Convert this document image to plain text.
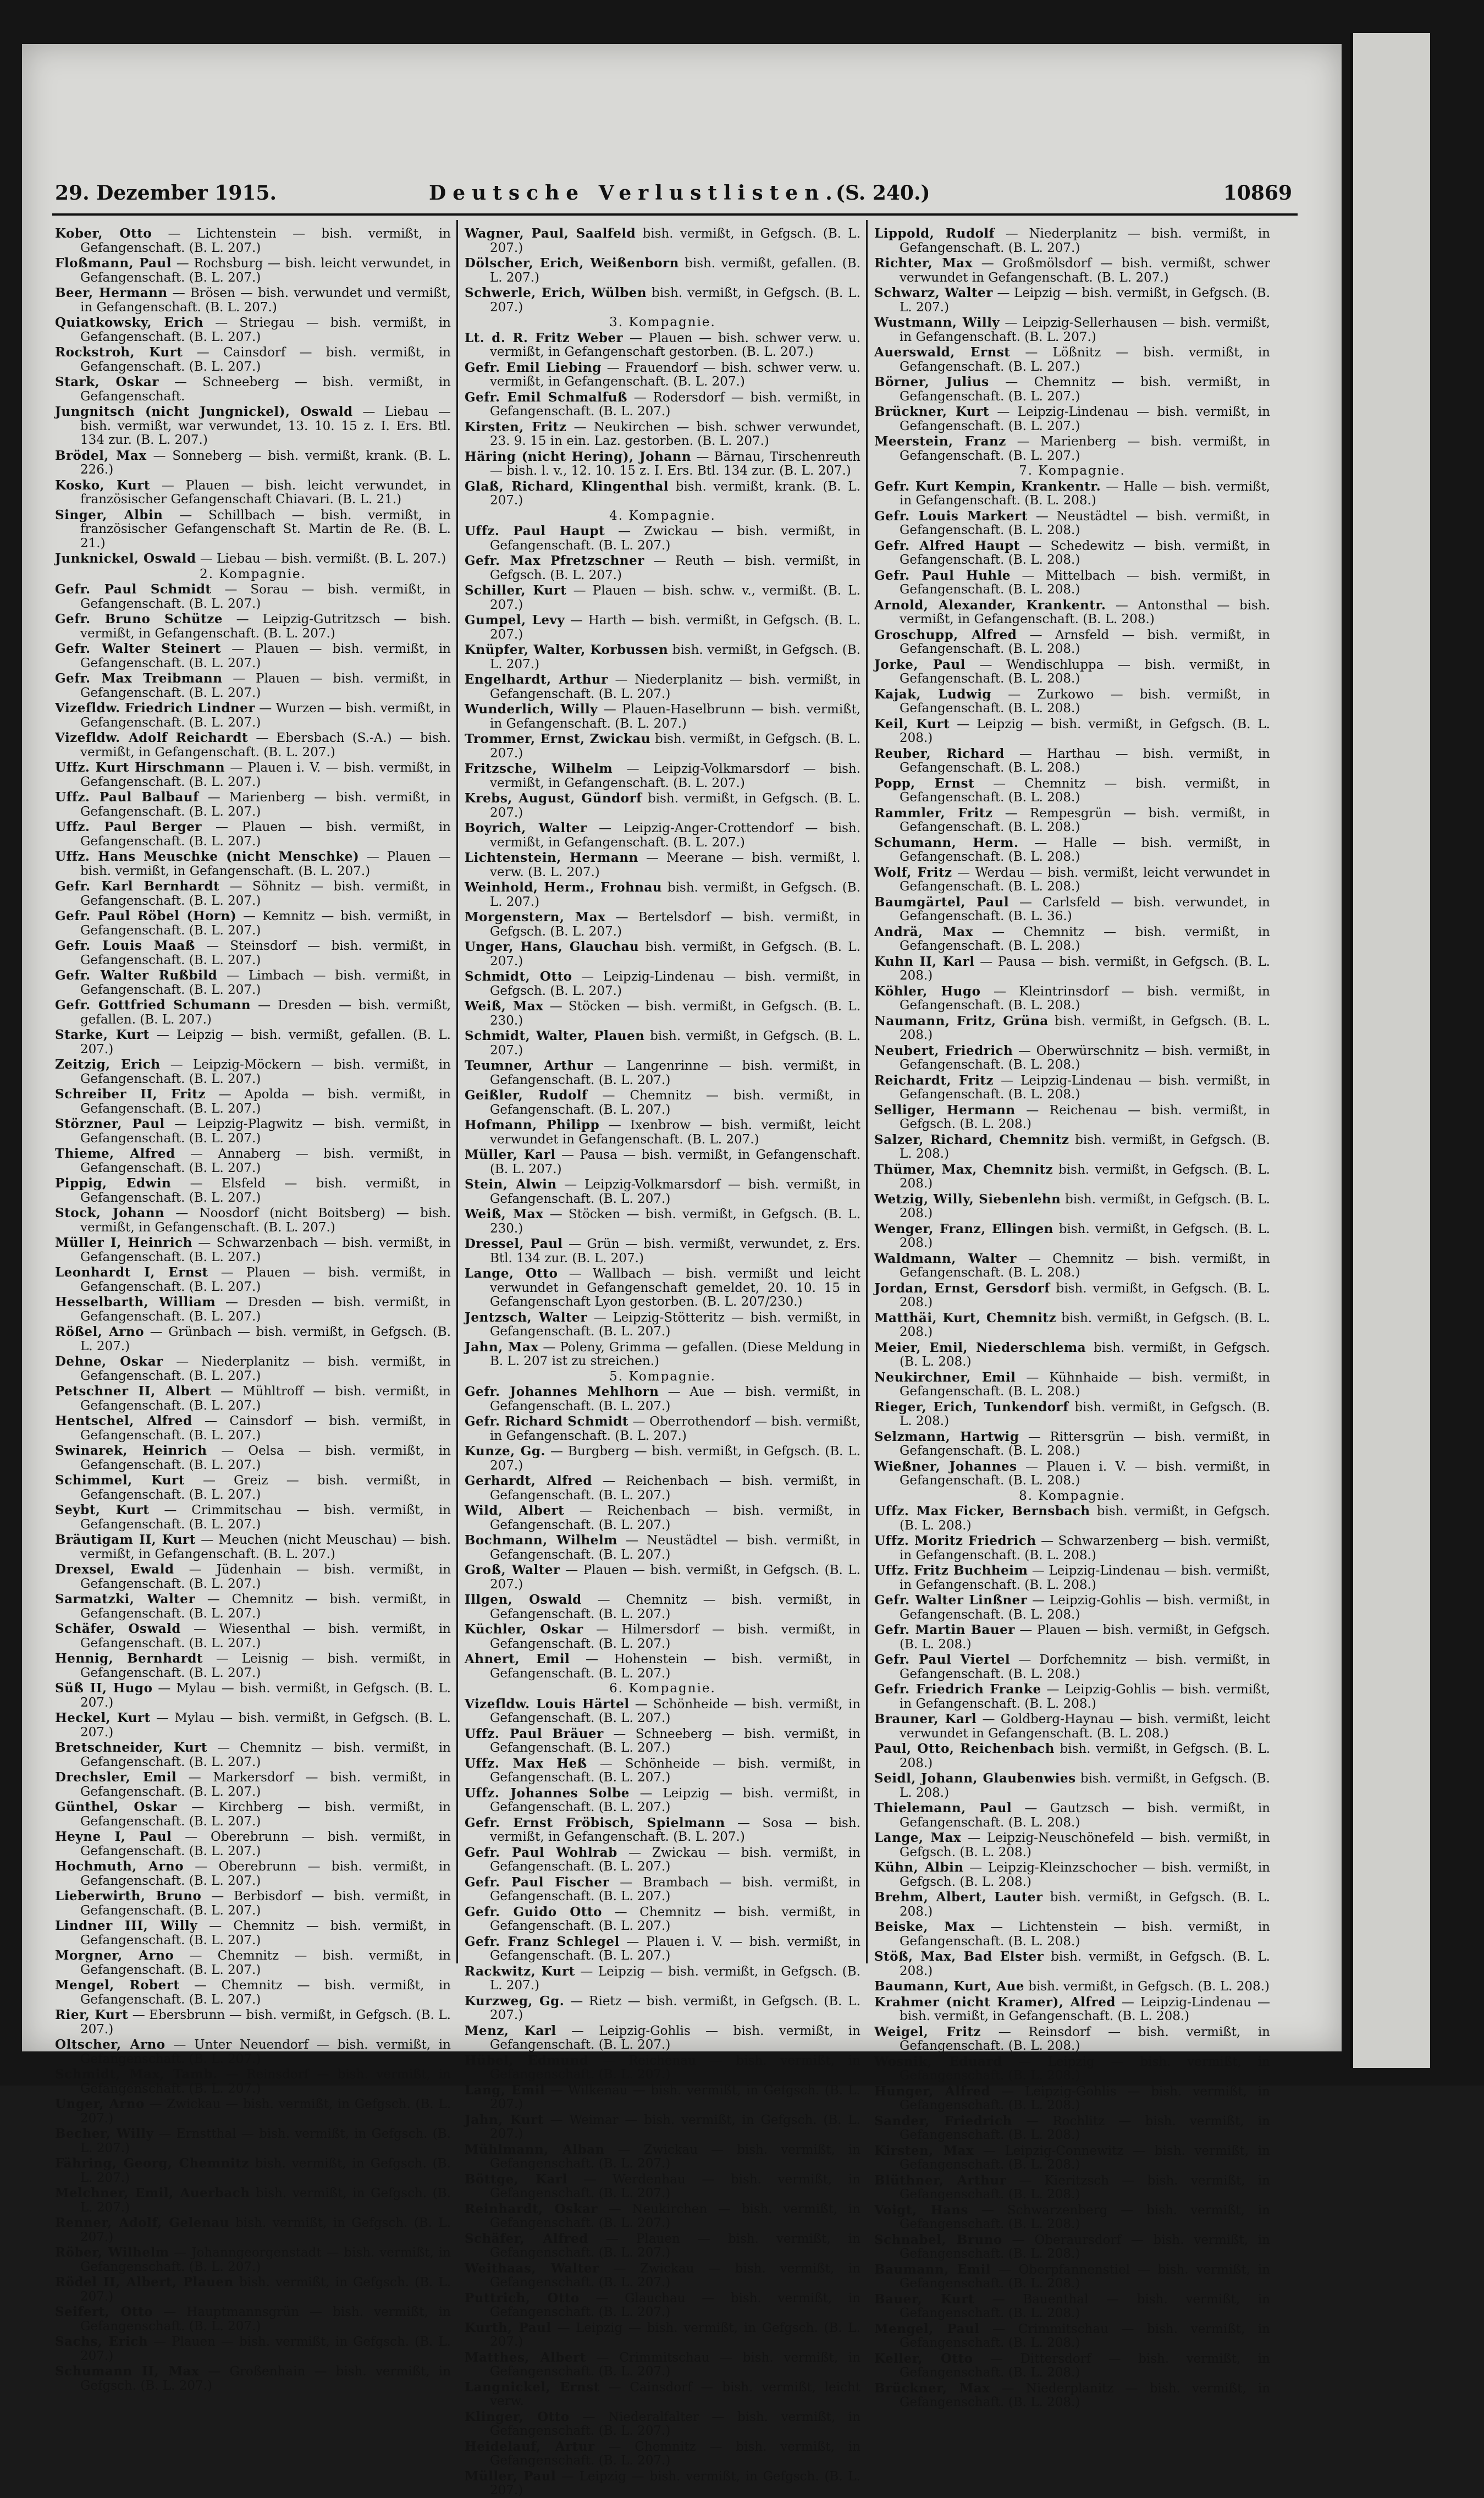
29. Dezember 1915.	Deutsche Verlustlisten.
(S. 240.)	10869
Kober, Otto — Lichtenstein — bish. vermißt, in Gefangenschaft. (B. L. 207.)
Floßmann, Paul — Rochsburg — bish. leicht verwundet, in Gefangenschaft. (B. L. 207.)
Beer, Hermann — Brösen — bish. verwundet und vermißt, in Gefangenschaft. (B. L. 207.)
Quiatkowsky, Erich — Striegau — bish. vermißt, in Gefangenschaft. (B. L. 207.)
Rockstroh, Kurt — Cainsdorf — bish. vermißt, in Gefangenschaft. (B. L. 207.)
Stark, Oskar — Schneeberg — bish. vermißt, in Gefangenschaft.
Jungnitsch (nicht Jungnickel), Oswald — Liebau — bish. vermißt, war verwundet, 13. 10. 15 z. I. Ers. Btl. 134 zur. (B. L. 207.)
Brödel, Max — Sonneberg — bish. vermißt, krank. (B. L. 226.)
Kosko, Kurt — Plauen — bish. leicht verwundet, in französischer Gefangenschaft Chiavari. (B. L. 21.)
Singer, Albin — Schillbach — bish. vermißt, in französischer Gefangenschaft St. Martin de Re. (B. L. 21.)
Junknickel, Oswald — Liebau — bish. vermißt. (B. L. 207.)
2. Kompagnie.
Gefr. Paul Schmidt — Sorau — bish. vermißt, in Gefangenschaft. (B. L. 207.)
Gefr. Bruno Schütze — Leipzig-Gutritzsch — bish. vermißt, in Gefangenschaft. (B. L. 207.)
Gefr. Walter Steinert — Plauen — bish. vermißt, in Gefangenschaft. (B. L. 207.)
Gefr. Max Treibmann — Plauen — bish. vermißt, in Gefangenschaft. (B. L. 207.)
Vizefldw. Friedrich Lindner — Wurzen — bish. vermißt, in Gefangenschaft. (B. L. 207.)
Vizefldw. Adolf Reichardt — Ebersbach (S.-A.) — bish. vermißt, in Gefangenschaft. (B. L. 207.)
Uffz. Kurt Hirschmann — Plauen i. V. — bish. vermißt, in Gefangenschaft. (B. L. 207.)
Uffz. Paul Balbauf — Marienberg — bish. vermißt, in Gefangenschaft. (B. L. 207.)
Uffz. Paul Berger — Plauen — bish. vermißt, in Gefangenschaft. (B. L. 207.)
Uffz. Hans Meuschke (nicht Menschke) — Plauen — bish. vermißt, in Gefangenschaft. (B. L. 207.)
Gefr. Karl Bernhardt — Söhnitz — bish. vermißt, in Gefangenschaft. (B. L. 207.)
Gefr. Paul Röbel (Horn) — Kemnitz — bish. vermißt, in Gefangenschaft. (B. L. 207.)
Gefr. Louis Maaß — Steinsdorf — bish. vermißt, in Gefangenschaft. (B. L. 207.)
Gefr. Walter Rußbild — Limbach — bish. vermißt, in Gefangenschaft. (B. L. 207.)
Gefr. Gottfried Schumann — Dresden — bish. vermißt, gefallen. (B. L. 207.)
Starke, Kurt — Leipzig — bish. vermißt, gefallen. (B. L. 207.)
Zeitzig, Erich — Leipzig-Möckern — bish. vermißt, in Gefangenschaft. (B. L. 207.)
Schreiber II, Fritz — Apolda — bish. vermißt, in Gefangenschaft. (B. L. 207.)
Störzner, Paul — Leipzig-Plagwitz — bish. vermißt, in Gefangenschaft. (B. L. 207.)
Thieme, Alfred — Annaberg — bish. vermißt, in Gefangenschaft. (B. L. 207.)
Pippig, Edwin — Elsfeld — bish. vermißt, in Gefangenschaft. (B. L. 207.)
Stock, Johann — Noosdorf (nicht Boitsberg) — bish. vermißt, in Gefangenschaft. (B. L. 207.)
Müller I, Heinrich — Schwarzenbach — bish. vermißt, in Gefangenschaft. (B. L. 207.)
Leonhardt I, Ernst — Plauen — bish. vermißt, in Gefangenschaft. (B. L. 207.)
Hesselbarth, William — Dresden — bish. vermißt, in Gefangenschaft. (B. L. 207.)
Rößel, Arno — Grünbach — bish. vermißt, in Gefgsch. (B. L. 207.)
Dehne, Oskar — Niederplanitz — bish. vermißt, in Gefangenschaft. (B. L. 207.)
Petschner II, Albert — Mühltroff — bish. vermißt, in Gefangenschaft. (B. L. 207.)
Hentschel, Alfred — Cainsdorf — bish. vermißt, in Gefangenschaft. (B. L. 207.)
Swinarek, Heinrich — Oelsa — bish. vermißt, in Gefangenschaft. (B. L. 207.)
Schimmel, Kurt — Greiz — bish. vermißt, in Gefangenschaft. (B. L. 207.)
Seybt, Kurt — Crimmitschau — bish. vermißt, in Gefangenschaft. (B. L. 207.)
Bräutigam II, Kurt — Meuchen (nicht Meuschau) — bish. vermißt, in Gefangenschaft. (B. L. 207.)
Drexsel, Ewald — Jüdenhain — bish. vermißt, in Gefangenschaft. (B. L. 207.)
Sarmatzki, Walter — Chemnitz — bish. vermißt, in Gefangenschaft. (B. L. 207.)
Schäfer, Oswald — Wiesenthal — bish. vermißt, in Gefangenschaft. (B. L. 207.)
Hennig, Bernhardt — Leisnig — bish. vermißt, in Gefangenschaft. (B. L. 207.)
Süß II, Hugo — Mylau — bish. vermißt, in Gefgsch. (B. L. 207.)
Heckel, Kurt — Mylau — bish. vermißt, in Gefgsch. (B. L. 207.)
Bretschneider, Kurt — Chemnitz — bish. vermißt, in Gefangenschaft. (B. L. 207.)
Drechsler, Emil — Markersdorf — bish. vermißt, in Gefangenschaft. (B. L. 207.)
Günthel, Oskar — Kirchberg — bish. vermißt, in Gefangenschaft. (B. L. 207.)
Heyne I, Paul — Oberebrunn — bish. vermißt, in Gefangenschaft. (B. L. 207.)
Hochmuth, Arno — Oberebrunn — bish. vermißt, in Gefangenschaft. (B. L. 207.)
Lieberwirth, Bruno — Berbisdorf — bish. vermißt, in Gefangenschaft. (B. L. 207.)
Lindner III, Willy — Chemnitz — bish. vermißt, in Gefangenschaft. (B. L. 207.)
Morgner, Arno — Chemnitz — bish. vermißt, in Gefangenschaft. (B. L. 207.)
Mengel, Robert — Chemnitz — bish. vermißt, in Gefangenschaft. (B. L. 207.)
Rier, Kurt — Ebersbrunn — bish. vermißt, in Gefgsch. (B. L. 207.)
Oltscher, Arno — Unter Neuendorf — bish. vermißt, in Gefangenschaft. (B. L. 207.)
Schmidt, Max, Tamb. — Reinsdorf — bish. vermißt, in Gefangenschaft. (B. L. 207.)
Unger, Arno — Zwickau — bish. vermißt, in Gefgsch. (B. L. 207.)
Becher, Willy — Ernstthal — bish. vermißt, in Gefgsch. (B. L. 207.)
Fähring, Georg, Chemnitz bish. vermißt, in Gefgsch. (B. L. 207.)
Melchner, Emil, Auerbach bish. vermißt, in Gefgsch. (B. L. 207.)
Renner, Adolf, Gelenau bish. vermißt, in Gefgsch. (B. L. 207.)
Röber, Wilhelm — Johanngeorgenstadt — bish. vermißt, in Gefangenschaft. (B. L. 207.)
Rödel II, Albert, Plauen bish. vermißt, in Gefgsch. (B. L. 207.)
Seifert, Otto — Hauptmannsgrün — bish. vermißt, in Gefangenschaft. (B. L. 207.)
Sachs, Erich — Plauen — bish. vermißt, in Gefgsch. (B. L. 207.)
Schumann II, Max — Großenhain — bish. vermißt, in Gefgsch. (B. L. 207.)
Wagner, Paul, Saalfeld bish. vermißt, in Gefgsch. (B. L. 207.)
Dölscher, Erich, Weißenborn bish. vermißt, gefallen. (B. L. 207.)
Schwerle, Erich, Wülben bish. vermißt, in Gefgsch. (B. L. 207.)
3. Kompagnie.
Lt. d. R. Fritz Weber — Plauen — bish. schwer verw. u. vermißt, in Gefangenschaft gestorben. (B. L. 207.)
Gefr. Emil Liebing — Frauendorf — bish. schwer verw. u. vermißt, in Gefangenschaft. (B. L. 207.)
Gefr. Emil Schmalfuß — Rodersdorf — bish. vermißt, in Gefangenschaft. (B. L. 207.)
Kirsten, Fritz — Neukirchen — bish. schwer verwundet, 23. 9. 15 in ein. Laz. gestorben. (B. L. 207.)
Häring (nicht Hering), Johann — Bärnau, Tirschenreuth — bish. l. v., 12. 10. 15 z. I. Ers. Btl. 134 zur. (B. L. 207.)
Glaß, Richard, Klingenthal bish. vermißt, krank. (B. L. 207.)
4. Kompagnie.
Uffz. Paul Haupt — Zwickau — bish. vermißt, in Gefangenschaft. (B. L. 207.)
Gefr. Max Pfretzschner — Reuth — bish. vermißt, in Gefgsch. (B. L. 207.)
Schiller, Kurt — Plauen — bish. schw. v., vermißt. (B. L. 207.)
Gumpel, Levy — Harth — bish. vermißt, in Gefgsch. (B. L. 207.)
Knüpfer, Walter, Korbussen bish. vermißt, in Gefgsch. (B. L. 207.)
Engelhardt, Arthur — Niederplanitz — bish. vermißt, in Gefangenschaft. (B. L. 207.)
Wunderlich, Willy — Plauen-Haselbrunn — bish. vermißt, in Gefangenschaft. (B. L. 207.)
Trommer, Ernst, Zwickau bish. vermißt, in Gefgsch. (B. L. 207.)
Fritzsche, Wilhelm — Leipzig-Volkmarsdorf — bish. vermißt, in Gefangenschaft. (B. L. 207.)
Krebs, August, Gündorf bish. vermißt, in Gefgsch. (B. L. 207.)
Boyrich, Walter — Leipzig-Anger-Crottendorf — bish. vermißt, in Gefangenschaft. (B. L. 207.)
Lichtenstein, Hermann — Meerane — bish. vermißt, l. verw. (B. L. 207.)
Weinhold, Herm., Frohnau bish. vermißt, in Gefgsch. (B. L. 207.)
Morgenstern, Max — Bertelsdorf — bish. vermißt, in Gefgsch. (B. L. 207.)
Unger, Hans, Glauchau bish. vermißt, in Gefgsch. (B. L. 207.)
Schmidt, Otto — Leipzig-Lindenau — bish. vermißt, in Gefgsch. (B. L. 207.)
Weiß, Max — Stöcken — bish. vermißt, in Gefgsch. (B. L. 230.)
Schmidt, Walter, Plauen bish. vermißt, in Gefgsch. (B. L. 207.)
Teumner, Arthur — Langenrinne — bish. vermißt, in Gefangenschaft. (B. L. 207.)
Geißler, Rudolf — Chemnitz — bish. vermißt, in Gefangenschaft. (B. L. 207.)
Hofmann, Philipp — Ixenbrow — bish. vermißt, leicht verwundet in Gefangenschaft. (B. L. 207.)
Müller, Karl — Pausa — bish. vermißt, in Gefangenschaft. (B. L. 207.)
Stein, Alwin — Leipzig-Volkmarsdorf — bish. vermißt, in Gefangenschaft. (B. L. 207.)
Weiß, Max — Stöcken — bish. vermißt, in Gefgsch. (B. L. 230.)
Dressel, Paul — Grün — bish. vermißt, verwundet, z. Ers. Btl. 134 zur. (B. L. 207.)
Lange, Otto — Wallbach — bish. vermißt und leicht verwundet in Gefangenschaft gemeldet, 20. 10. 15 in Gefangenschaft Lyon gestorben. (B. L. 207/230.)
Jentzsch, Walter — Leipzig-Stötteritz — bish. vermißt, in Gefangenschaft. (B. L. 207.)
Jahn, Max — Poleny, Grimma — gefallen. (Diese Meldung in B. L. 207 ist zu streichen.)
5. Kompagnie.
Gefr. Johannes Mehlhorn — Aue — bish. vermißt, in Gefangenschaft. (B. L. 207.)
Gefr. Richard Schmidt — Oberrothendorf — bish. vermißt, in Gefangenschaft. (B. L. 207.)
Kunze, Gg. — Burgberg — bish. vermißt, in Gefgsch. (B. L. 207.)
Gerhardt, Alfred — Reichenbach — bish. vermißt, in Gefangenschaft. (B. L. 207.)
Wild, Albert — Reichenbach — bish. vermißt, in Gefangenschaft. (B. L. 207.)
Bochmann, Wilhelm — Neustädtel — bish. vermißt, in Gefangenschaft. (B. L. 207.)
Groß, Walter — Plauen — bish. vermißt, in Gefgsch. (B. L. 207.)
Illgen, Oswald — Chemnitz — bish. vermißt, in Gefangenschaft. (B. L. 207.)
Küchler, Oskar — Hilmersdorf — bish. vermißt, in Gefangenschaft. (B. L. 207.)
Ahnert, Emil — Hohenstein — bish. vermißt, in Gefangenschaft. (B. L. 207.)
6. Kompagnie.
Vizefldw. Louis Härtel — Schönheide — bish. vermißt, in Gefangenschaft. (B. L. 207.)
Uffz. Paul Bräuer — Schneeberg — bish. vermißt, in Gefangenschaft. (B. L. 207.)
Uffz. Max Heß — Schönheide — bish. vermißt, in Gefangenschaft. (B. L. 207.)
Uffz. Johannes Solbe — Leipzig — bish. vermißt, in Gefangenschaft. (B. L. 207.)
Gefr. Ernst Fröbisch, Spielmann — Sosa — bish. vermißt, in Gefangenschaft. (B. L. 207.)
Gefr. Paul Wohlrab — Zwickau — bish. vermißt, in Gefangenschaft. (B. L. 207.)
Gefr. Paul Fischer — Brambach — bish. vermißt, in Gefangenschaft. (B. L. 207.)
Gefr. Guido Otto — Chemnitz — bish. vermißt, in Gefangenschaft. (B. L. 207.)
Gefr. Franz Schlegel — Plauen i. V. — bish. vermißt, in Gefangenschaft. (B. L. 207.)
Rackwitz, Kurt — Leipzig — bish. vermißt, in Gefgsch. (B. L. 207.)
Kurzweg, Gg. — Rietz — bish. vermißt, in Gefgsch. (B. L. 207.)
Menz, Karl — Leipzig-Gohlis — bish. vermißt, in Gefangenschaft. (B. L. 207.)
Hübel, Edmund — Reichenau — bish. vermißt, in Gefangenschaft. (B. L. 207.)
Lang, Emil — Wilkenau — bish. vermißt, in Gefgsch. (B. L. 207.)
Jahn, Kurt — Weimar — bish. vermißt, in Gefgsch. (B. L. 207.)
Mühlmann, Alban — Zwickau — bish. vermißt, in Gefangenschaft. (B. L. 207.)
Böttge, Karl — Werdenhau — bish. vermißt, in Gefangenschaft. (B. L. 207.)
Reinhardt, Oskar — Neukirchen — bish. vermißt, in Gefangenschaft. (B. L. 207.)
Schäfer, Alfred — Plauen — bish. vermißt, in Gefangenschaft. (B. L. 207.)
Weithaas, Walter — Zwickau — bish. vermißt, in Gefangenschaft. (B. L. 207.)
Puttrich, Otto — Glauchau — bish. vermißt, in Gefangenschaft. (B. L. 207.)
Kurth, Paul — Leipzig — bish. vermißt, in Gefgsch. (B. L. 207.)
Matthes, Albert — Crimmitschau — bish. vermißt, in Gefangenschaft. (B. L. 207.)
Langnickel, Ernst — Cainsdorf — bish. vermißt, leicht verw.
Klinger, Otto — Niederalfalter — bish. vermißt, in Gefangenschaft. (B. L. 207.)
Heidelauf, Artur — Chemnitz — bish. vermißt, in Gefangenschaft. (B. L. 207.)
Müller, Paul — Leipzig — bish. vermißt, in Gefgsch. (B. L. 207.)
Lippold, Rudolf — Niederplanitz — bish. vermißt, in Gefangenschaft. (B. L. 207.)
Richter, Max — Großmölsdorf — bish. vermißt, schwer verwundet in Gefangenschaft. (B. L. 207.)
Schwarz, Walter — Leipzig — bish. vermißt, in Gefgsch. (B. L. 207.)
Wustmann, Willy — Leipzig-Sellerhausen — bish. vermißt, in Gefangenschaft. (B. L. 207.)
Auerswald, Ernst — Lößnitz — bish. vermißt, in Gefangenschaft. (B. L. 207.)
Börner, Julius — Chemnitz — bish. vermißt, in Gefangenschaft. (B. L. 207.)
Brückner, Kurt — Leipzig-Lindenau — bish. vermißt, in Gefangenschaft. (B. L. 207.)
Meerstein, Franz — Marienberg — bish. vermißt, in Gefangenschaft. (B. L. 207.)
7. Kompagnie.
Gefr. Kurt Kempin, Krankentr. — Halle — bish. vermißt, in Gefangenschaft. (B. L. 208.)
Gefr. Louis Markert — Neustädtel — bish. vermißt, in Gefangenschaft. (B. L. 208.)
Gefr. Alfred Haupt — Schedewitz — bish. vermißt, in Gefangenschaft. (B. L. 208.)
Gefr. Paul Huhle — Mittelbach — bish. vermißt, in Gefangenschaft. (B. L. 208.)
Arnold, Alexander, Krankentr. — Antonsthal — bish. vermißt, in Gefangenschaft. (B. L. 208.)
Groschupp, Alfred — Arnsfeld — bish. vermißt, in Gefangenschaft. (B. L. 208.)
Jorke, Paul — Wendischluppa — bish. vermißt, in Gefangenschaft. (B. L. 208.)
Kajak, Ludwig — Zurkowo — bish. vermißt, in Gefangenschaft. (B. L. 208.)
Keil, Kurt — Leipzig — bish. vermißt, in Gefgsch. (B. L. 208.)
Reuber, Richard — Harthau — bish. vermißt, in Gefangenschaft. (B. L. 208.)
Popp, Ernst — Chemnitz — bish. vermißt, in Gefangenschaft. (B. L. 208.)
Rammler, Fritz — Rempesgrün — bish. vermißt, in Gefangenschaft. (B. L. 208.)
Schumann, Herm. — Halle — bish. vermißt, in Gefangenschaft. (B. L. 208.)
Wolf, Fritz — Werdau — bish. vermißt, leicht verwundet in Gefangenschaft. (B. L. 208.)
Baumgärtel, Paul — Carlsfeld — bish. verwundet, in Gefangenschaft. (B. L. 36.)
Andrä, Max — Chemnitz — bish. vermißt, in Gefangenschaft. (B. L. 208.)
Kuhn II, Karl — Pausa — bish. vermißt, in Gefgsch. (B. L. 208.)
Köhler, Hugo — Kleintrinsdorf — bish. vermißt, in Gefangenschaft. (B. L. 208.)
Naumann, Fritz, Grüna bish. vermißt, in Gefgsch. (B. L. 208.)
Neubert, Friedrich — Oberwürschnitz — bish. vermißt, in Gefangenschaft. (B. L. 208.)
Reichardt, Fritz — Leipzig-Lindenau — bish. vermißt, in Gefangenschaft. (B. L. 208.)
Selliger, Hermann — Reichenau — bish. vermißt, in Gefgsch. (B. L. 208.)
Salzer, Richard, Chemnitz bish. vermißt, in Gefgsch. (B. L. 208.)
Thümer, Max, Chemnitz bish. vermißt, in Gefgsch. (B. L. 208.)
Wetzig, Willy, Siebenlehn bish. vermißt, in Gefgsch. (B. L. 208.)
Wenger, Franz, Ellingen bish. vermißt, in Gefgsch. (B. L. 208.)
Waldmann, Walter — Chemnitz — bish. vermißt, in Gefangenschaft. (B. L. 208.)
Jordan, Ernst, Gersdorf bish. vermißt, in Gefgsch. (B. L. 208.)
Matthäi, Kurt, Chemnitz bish. vermißt, in Gefgsch. (B. L. 208.)
Meier, Emil, Niederschlema bish. vermißt, in Gefgsch. (B. L. 208.)
Neukirchner, Emil — Kühnhaide — bish. vermißt, in Gefangenschaft. (B. L. 208.)
Rieger, Erich, Tunkendorf bish. vermißt, in Gefgsch. (B. L. 208.)
Selzmann, Hartwig — Rittersgrün — bish. vermißt, in Gefangenschaft. (B. L. 208.)
Wießner, Johannes — Plauen i. V. — bish. vermißt, in Gefangenschaft. (B. L. 208.)
8. Kompagnie.
Uffz. Max Ficker, Bernsbach bish. vermißt, in Gefgsch. (B. L. 208.)
Uffz. Moritz Friedrich — Schwarzenberg — bish. vermißt, in Gefangenschaft. (B. L. 208.)
Uffz. Fritz Buchheim — Leipzig-Lindenau — bish. vermißt, in Gefangenschaft. (B. L. 208.)
Gefr. Walter Linßner — Leipzig-Gohlis — bish. vermißt, in Gefangenschaft. (B. L. 208.)
Gefr. Martin Bauer — Plauen — bish. vermißt, in Gefgsch. (B. L. 208.)
Gefr. Paul Viertel — Dorfchemnitz — bish. vermißt, in Gefangenschaft. (B. L. 208.)
Gefr. Friedrich Franke — Leipzig-Gohlis — bish. vermißt, in Gefangenschaft. (B. L. 208.)
Brauner, Karl — Goldberg-Haynau — bish. vermißt, leicht verwundet in Gefangenschaft. (B. L. 208.)
Paul, Otto, Reichenbach bish. vermißt, in Gefgsch. (B. L. 208.)
Seidl, Johann, Glaubenwies bish. vermißt, in Gefgsch. (B. L. 208.)
Thielemann, Paul — Gautzsch — bish. vermißt, in Gefangenschaft. (B. L. 208.)
Lange, Max — Leipzig-Neuschönefeld — bish. vermißt, in Gefgsch. (B. L. 208.)
Kühn, Albin — Leipzig-Kleinzschocher — bish. vermißt, in Gefgsch. (B. L. 208.)
Brehm, Albert, Lauter bish. vermißt, in Gefgsch. (B. L. 208.)
Beiske, Max — Lichtenstein — bish. vermißt, in Gefangenschaft. (B. L. 208.)
Stöß, Max, Bad Elster bish. vermißt, in Gefgsch. (B. L. 208.)
Baumann, Kurt, Aue bish. vermißt, in Gefgsch. (B. L. 208.)
Krahmer (nicht Kramer), Alfred — Leipzig-Lindenau — bish. vermißt, in Gefangenschaft. (B. L. 208.)
Weigel, Fritz — Reinsdorf — bish. vermißt, in Gefangenschaft. (B. L. 208.)
Wosnik, Eduard — Leipzig — bish. vermißt, in Gefangenschaft. (B. L. 208.)
Hunger, Alfred — Leipzig-Gohlis — bish. vermißt, in Gefangenschaft. (B. L. 208.)
Sander, Friedrich — Rochlitz — bish. vermißt, in Gefangenschaft. (B. L. 208.)
Kirsten, Max — Leipzig-Connewitz — bish. vermißt, in Gefangenschaft. (B. L. 208.)
Blüthner, Arthur — Kieritzsch — bish. vermißt, in Gefangenschaft. (B. L. 208.)
Voigt, Hans — Schwarzenberg — bish. vermißt, in Gefangenschaft. (B. L. 208.)
Schnabel, Bruno — Oberaursdorf — bish. vermißt, in Gefangenschaft. (B. L. 208.)
Baumann, Emil — Oberpfannenstiel — bish. vermißt, in Gefangenschaft. (B. L. 208.)
Bauer, Kurt — Bauenthal — bish. vermißt, in Gefangenschaft. (B. L. 208.)
Mengel, Paul — Crimmitschau — bish. vermißt, in Gefangenschaft. (B. L. 208.)
Keller, Otto — Dittersdorf — bish. vermißt, in Gefangenschaft. (B. L. 208.)
Brückner, Max — Niederplanitz — bish. vermißt, in Gefangenschaft. (B. L. 208.)
